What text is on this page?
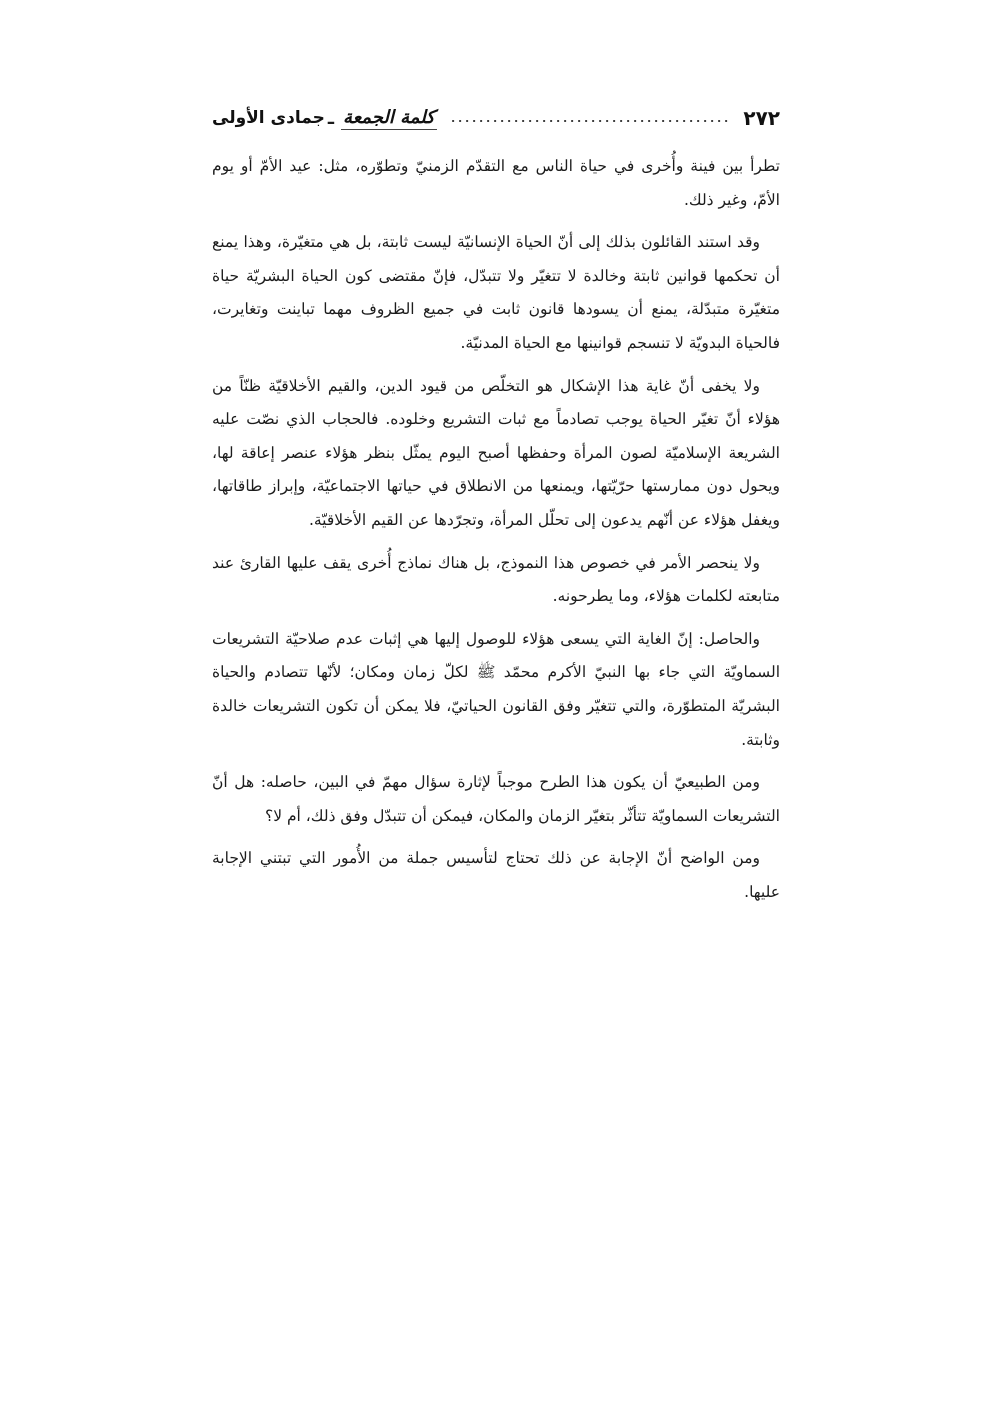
٢٧٢
كلمة الجمعة
ـ
جمادى الأولى

تطرأ بين فينة وأُخرى في حياة الناس مع التقدّم الزمنيّ وتطوّره، مثل: عيد الأمّ أو يوم الأمّ، وغير ذلك.

وقد استند القائلون بذلك إلى أنّ الحياة الإنسانيّة ليست ثابتة، بل هي متغيّرة، وهذا يمنع أن تحكمها قوانين ثابتة وخالدة لا تتغيّر ولا تتبدّل، فإنّ مقتضى كون الحياة البشريّة حياة متغيّرة متبدّلة، يمنع أن يسودها قانون ثابت في جميع الظروف مهما تباينت وتغايرت، فالحياة البدويّة لا تنسجم قوانينها مع الحياة المدنيّة.

ولا يخفى أنّ غاية هذا الإشكال هو التخلّص من قيود الدين، والقيم الأخلاقيّة ظنّاً من هؤلاء أنّ تغيّر الحياة يوجب تصادماً مع ثبات التشريع وخلوده. فالحجاب الذي نصّت عليه الشريعة الإسلاميّة لصون المرأة وحفظها أصبح اليوم يمثّل بنظر هؤلاء عنصر إعاقة لها، ويحول دون ممارستها حرّيّتها، ويمنعها من الانطلاق في حياتها الاجتماعيّة، وإبراز طاقاتها، ويغفل هؤلاء عن أنّهم يدعون إلى تحلّل المرأة، وتجرّدها عن القيم الأخلاقيّة.

ولا ينحصر الأمر في خصوص هذا النموذج، بل هناك نماذج أُخرى يقف عليها القارئ عند متابعته لكلمات هؤلاء، وما يطرحونه.

والحاصل: إنّ الغاية التي يسعى هؤلاء للوصول إليها هي إثبات عدم صلاحيّة التشريعات السماويّة التي جاء بها النبيّ الأكرم محمّد ﷺ لكلّ زمان ومكان؛ لأنّها تتصادم والحياة البشريّة المتطوّرة، والتي تتغيّر وفق القانون الحياتيّ، فلا يمكن أن تكون التشريعات خالدة وثابتة.

ومن الطبيعيّ أن يكون هذا الطرح موجباً لإثارة سؤال مهمّ في البين، حاصله: هل أنّ التشريعات السماويّة تتأثّر بتغيّر الزمان والمكان، فيمكن أن تتبدّل وفق ذلك، أم لا؟

ومن الواضح أنّ الإجابة عن ذلك تحتاج لتأسيس جملة من الأُمور التي تبتني الإجابة عليها.
